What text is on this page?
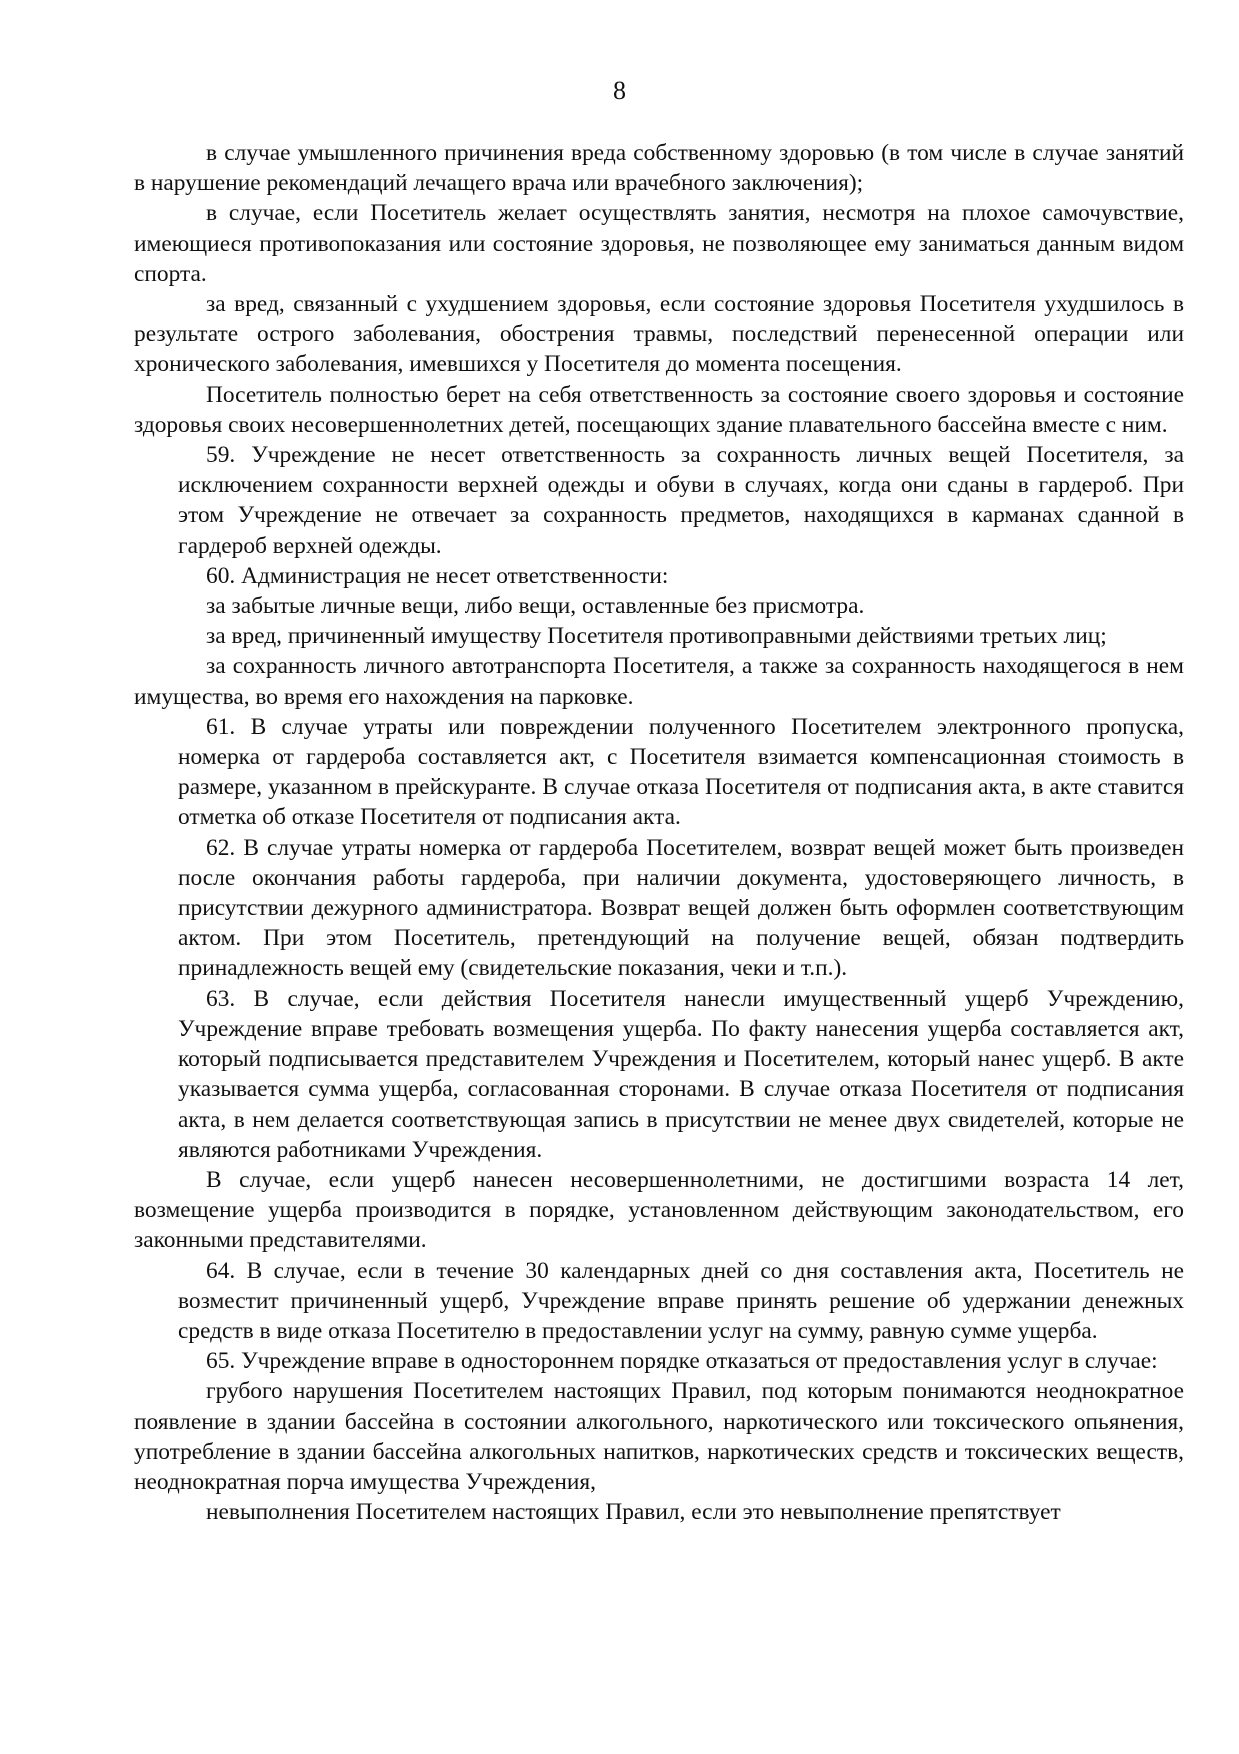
8

в случае умышленного причинения вреда собственному здоровью (в том числе в случае занятий в нарушение рекомендаций лечащего врача или врачебного заключения);

в случае, если Посетитель желает осуществлять занятия, несмотря на плохое самочувствие, имеющиеся противопоказания или состояние здоровья, не позволяющее ему заниматься данным видом спорта.

за вред, связанный с ухудшением здоровья, если состояние здоровья Посетителя ухудшилось в результате острого заболевания, обострения травмы, последствий перенесенной операции или хронического заболевания, имевшихся у Посетителя до момента посещения.

Посетитель полностью берет на себя ответственность за состояние своего здоровья и состояние здоровья своих несовершеннолетних детей, посещающих здание плавательного бассейна вместе с ним.

59. Учреждение не несет ответственность за сохранность личных вещей Посетителя, за исключением сохранности верхней одежды и обуви в случаях, когда они сданы в гардероб. При этом Учреждение не отвечает за сохранность предметов, находящихся в карманах сданной в гардероб верхней одежды.

60. Администрация не несет ответственности:

за забытые личные вещи, либо вещи, оставленные без присмотра.

за вред, причиненный имуществу Посетителя противоправными действиями третьих лиц;

за сохранность личного автотранспорта Посетителя, а также за сохранность находящегося в нем имущества, во время его нахождения на парковке.

61. В случае утраты или повреждении полученного Посетителем электронного пропуска, номерка от гардероба составляется акт, с Посетителя взимается компенсационная стоимость в размере, указанном в прейскуранте. В случае отказа Посетителя от подписания акта, в акте ставится отметка об отказе Посетителя от подписания акта.

62. В случае утраты номерка от гардероба Посетителем, возврат вещей может быть произведен после окончания работы гардероба, при наличии документа, удостоверяющего личность, в присутствии дежурного администратора. Возврат вещей должен быть оформлен соответствующим актом. При этом Посетитель, претендующий на получение вещей, обязан подтвердить принадлежность вещей ему (свидетельские показания, чеки и т.п.).

63. В случае, если действия Посетителя нанесли имущественный ущерб Учреждению, Учреждение вправе требовать возмещения ущерба. По факту нанесения ущерба составляется акт, который подписывается представителем Учреждения и Посетителем, который нанес ущерб. В акте указывается сумма ущерба, согласованная сторонами. В случае отказа Посетителя от подписания акта, в нем делается соответствующая запись в присутствии не менее двух свидетелей, которые не являются работниками Учреждения.

В случае, если ущерб нанесен несовершеннолетними, не достигшими возраста 14 лет, возмещение ущерба производится в порядке, установленном действующим законодательством, его законными представителями.

64. В случае, если в течение 30 календарных дней со дня составления акта, Посетитель не возместит причиненный ущерб, Учреждение вправе принять решение об удержании денежных средств в виде отказа Посетителю в предоставлении услуг на сумму, равную сумме ущерба.

65. Учреждение вправе в одностороннем порядке отказаться от предоставления услуг в случае:

грубого нарушения Посетителем настоящих Правил, под которым понимаются неоднократное появление в здании бассейна в состоянии алкогольного, наркотического или токсического опьянения, употребление в здании бассейна алкогольных напитков, наркотических средств и токсических веществ, неоднократная порча имущества Учреждения,

невыполнения Посетителем настоящих Правил, если это невыполнение препятствует
